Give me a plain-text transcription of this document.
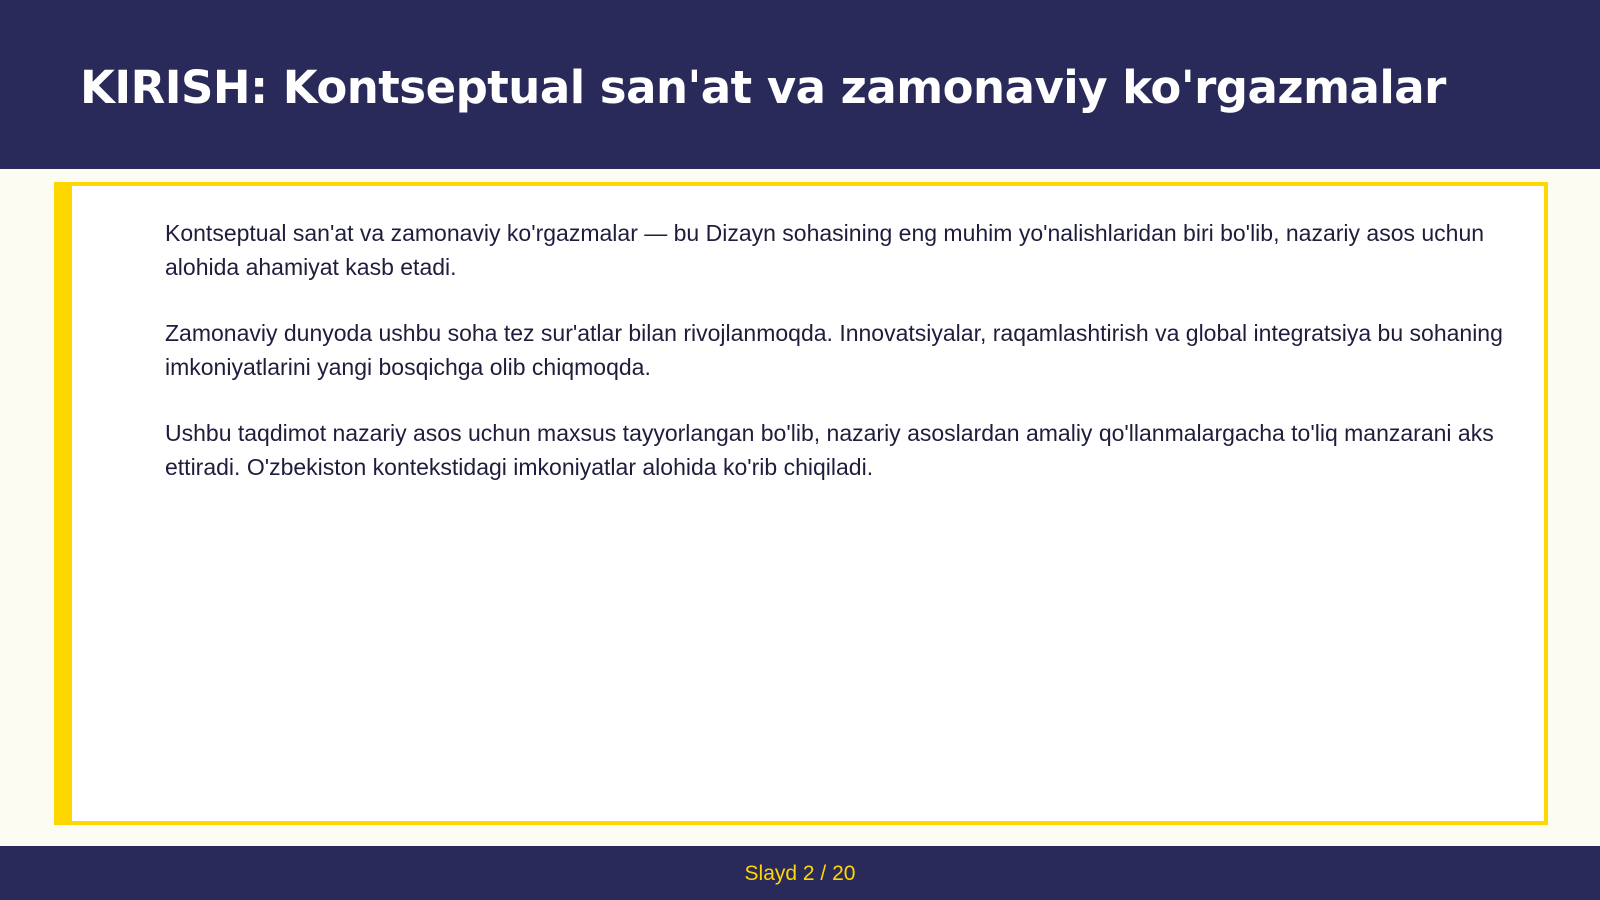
KIRISH: Kontseptual san'at va zamonaviy ko'rgazmalar

Kontseptual san'at va zamonaviy ko'rgazmalar — bu Dizayn sohasining eng muhim yo'nalishlaridan biri bo'lib, nazariy asos uchun alohida ahamiyat kasb etadi.

Zamonaviy dunyoda ushbu soha tez sur'atlar bilan rivojlanmoqda. Innovatsiyalar, raqamlashtirish va global integratsiya bu sohaning imkoniyatlarini yangi bosqichga olib chiqmoqda.

Ushbu taqdimot nazariy asos uchun maxsus tayyorlangan bo'lib, nazariy asoslardan amaliy qo'llanmalargacha to'liq manzarani aks ettiradi. O'zbekiston kontekstidagi imkoniyatlar alohida ko'rib chiqiladi.

Slayd 2 / 20
